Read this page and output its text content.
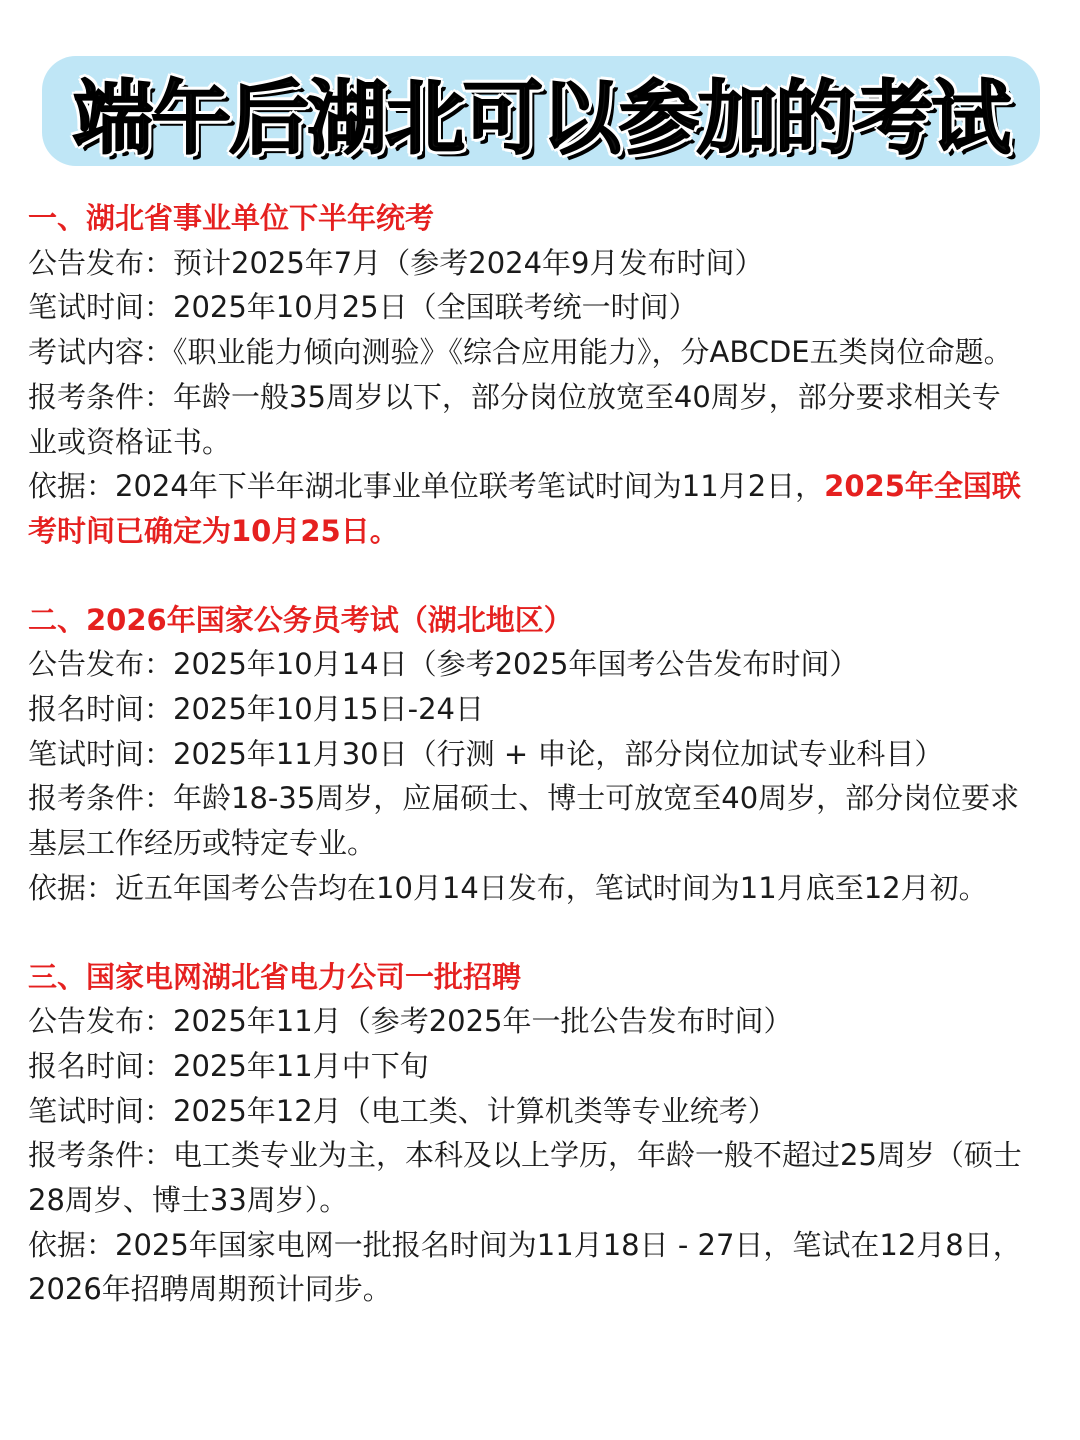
端午后湖北可以参加的考试

一、湖北省事业单位下半年统考

公告发布：预计2025年7月（参考2024年9月发布时间）

笔试时间：2025年10月25日（全国联考统一时间）

考试内容：《职业能力倾向测验》《综合应用能力》，分ABCDE五类岗位命题。

报考条件：年龄一般35周岁以下，部分岗位放宽至40周岁，部分要求相关专业或资格证书。

依据：2024年下半年湖北事业单位联考笔试时间为11月2日，2025年全国联考时间已确定为10月25日。

二、2026年国家公务员考试（湖北地区）

公告发布：2025年10月14日（参考2025年国考公告发布时间）

报名时间：2025年10月15日-24日

笔试时间：2025年11月30日（行测 + 申论，部分岗位加试专业科目）

报考条件：年龄18-35周岁，应届硕士、博士可放宽至40周岁，部分岗位要求基层工作经历或特定专业。

依据：近五年国考公告均在10月14日发布，笔试时间为11月底至12月初。

三、国家电网湖北省电力公司一批招聘

公告发布：2025年11月（参考2025年一批公告发布时间）

报名时间：2025年11月中下旬

笔试时间：2025年12月（电工类、计算机类等专业统考）

报考条件：电工类专业为主，本科及以上学历，年龄一般不超过25周岁（硕士28周岁、博士33周岁）。

依据：2025年国家电网一批报名时间为11月18日 - 27日，笔试在12月8日，2026年招聘周期预计同步。
